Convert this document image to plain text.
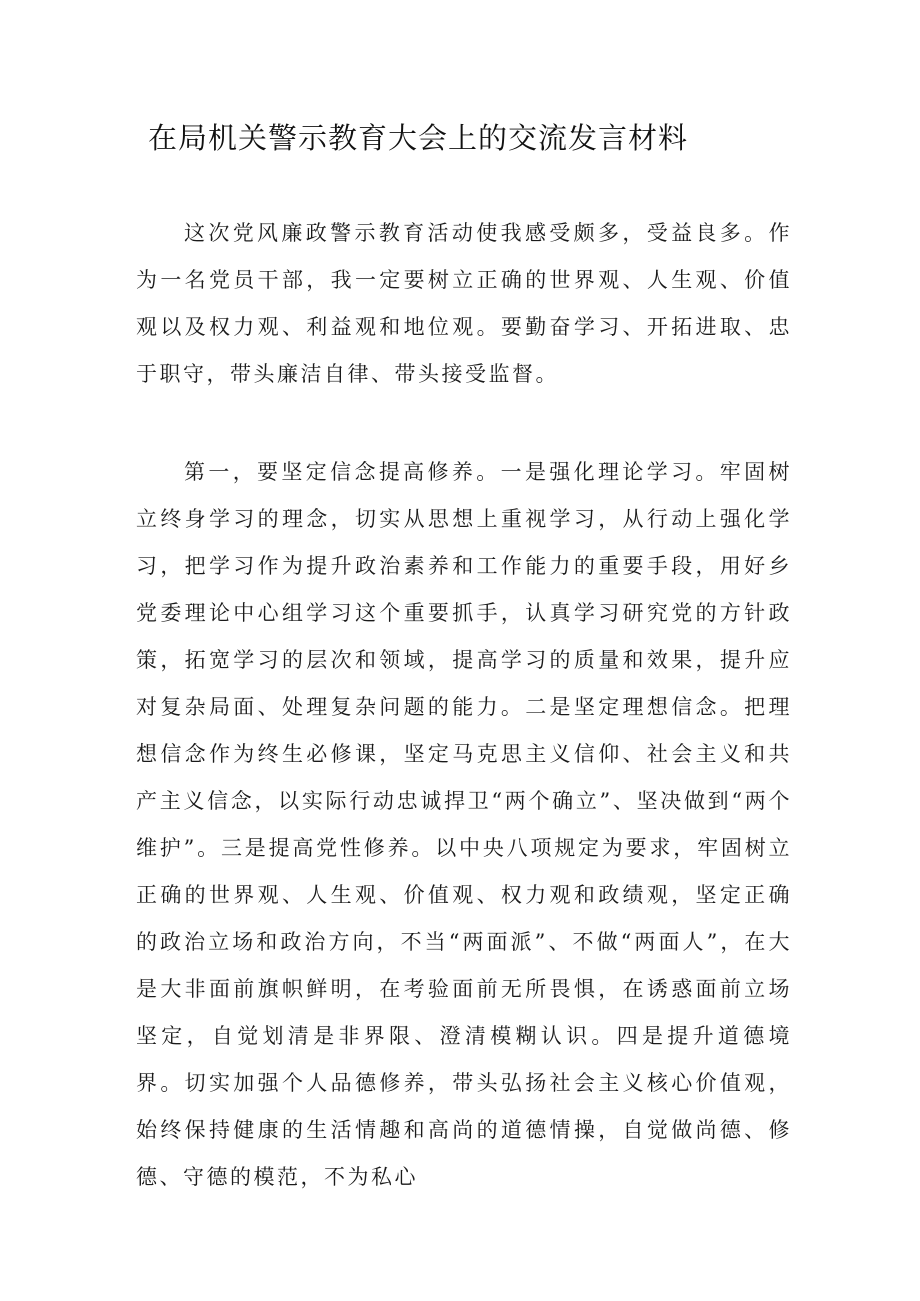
在局机关警示教育大会上的交流发言材料

这次党风廉政警示教育活动使我感受颇多，受益良多。作为一名党员干部，我一定要树立正确的世界观、人生观、价值观以及权力观、利益观和地位观。要勤奋学习、开拓进取、忠于职守，带头廉洁自律、带头接受监督。

第一，要坚定信念提高修养。一是强化理论学习。牢固树立终身学习的理念，切实从思想上重视学习，从行动上强化学习，把学习作为提升政治素养和工作能力的重要手段，用好乡党委理论中心组学习这个重要抓手，认真学习研究党的方针政策，拓宽学习的层次和领域，提高学习的质量和效果，提升应对复杂局面、处理复杂问题的能力。二是坚定理想信念。把理想信念作为终生必修课，坚定马克思主义信仰、社会主义和共产主义信念，以实际行动忠诚捍卫“两个确立”、坚决做到“两个维护”。三是提高党性修养。以中央八项规定为要求，牢固树立正确的世界观、人生观、价值观、权力观和政绩观，坚定正确的政治立场和政治方向，不当“两面派”、不做“两面人”，在大是大非面前旗帜鲜明，在考验面前无所畏惧，在诱惑面前立场坚定，自觉划清是非界限、澄清模糊认识。四是提升道德境界。切实加强个人品德修养，带头弘扬社会主义核心价值观，始终保持健康的生活情趣和高尚的道德情操，自觉做尚德、修德、守德的模范，不为私心
